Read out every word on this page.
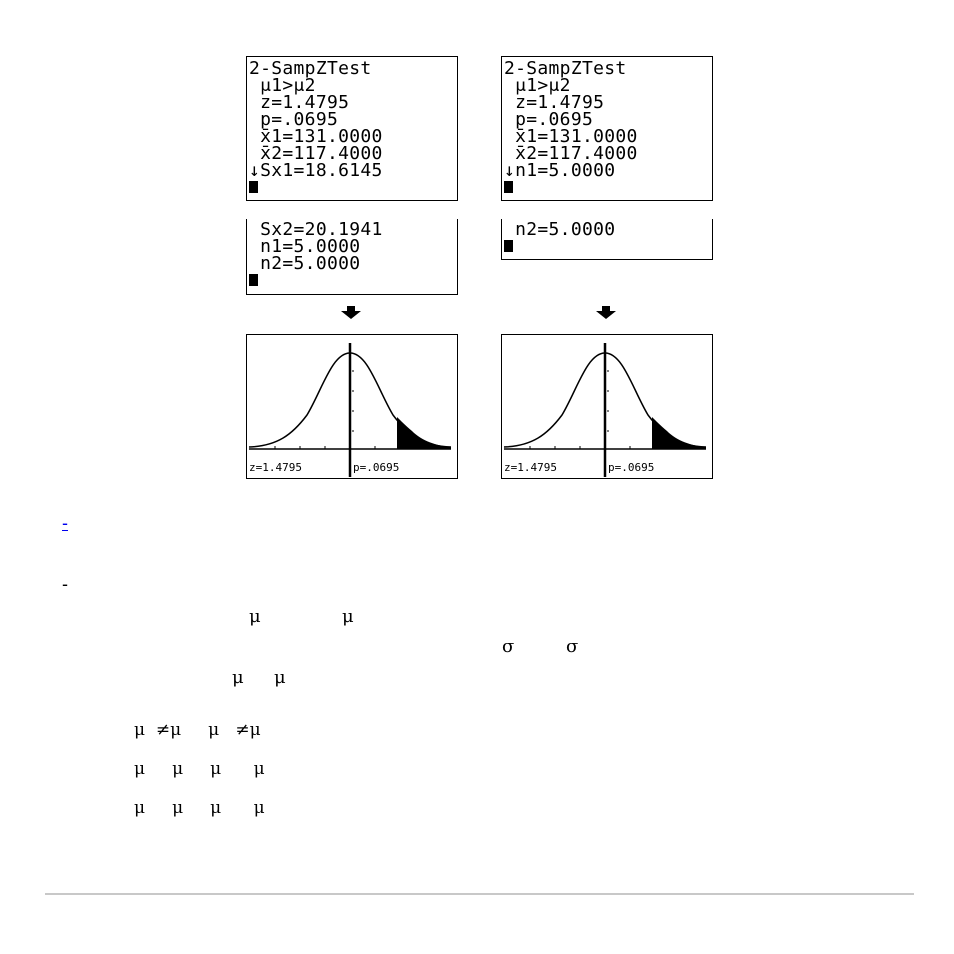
2-SampZTest
μ1>μ2
z=1.4795
p=.0695
x̄1=131.0000
x̄2=117.4000
↓Sx1=18.6145
2-SampZTest
μ1>μ2
z=1.4795
p=.0695
x̄1=131.0000
x̄2=117.4000
↓n1=5.0000
Sx2=20.1941
n1=5.0000
n2=5.0000
n2=5.0000
z=1.4795	p=.0695	z=1.4795	p=.0695
-
-
μ	μ
σ	σ
μ μ
μ  ≠μ     μ   ≠μ
μ     μ     μ      μ
μ     μ     μ      μ
